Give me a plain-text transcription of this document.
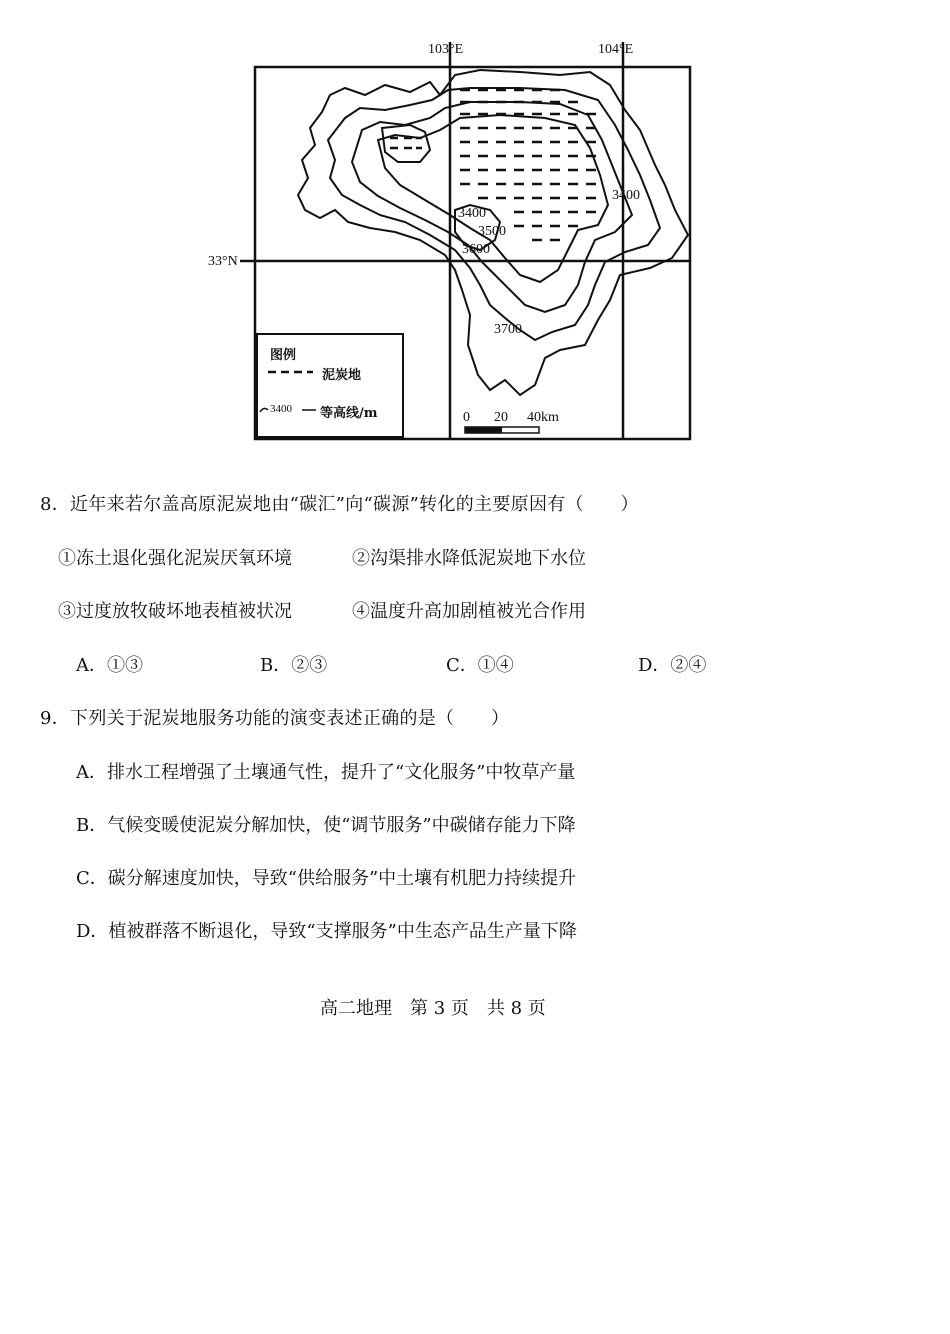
103°E	104°E
33°N
3400
3500
3600
3400
3700
图例
泥炭地
3400 等高线/m	0 20 40km
8．近年来若尔盖高原泥炭地由“碳汇”向“碳源”转化的主要原因有（　　）
①冻土退化强化泥炭厌氧环境	②沟渠排水降低泥炭地下水位
③过度放牧破坏地表植被状况	④温度升高加剧植被光合作用
A．①③	B．②③	C．①④	D．②④
9．下列关于泥炭地服务功能的演变表述正确的是（　　）
A．排水工程增强了土壤通气性，提升了“文化服务”中牧草产量
B．气候变暖使泥炭分解加快，使“调节服务”中碳储存能力下降
C．碳分解速度加快，导致“供给服务”中土壤有机肥力持续提升
D．植被群落不断退化，导致“支撑服务”中生态产品生产量下降
高二地理　第 3 页　共 8 页
